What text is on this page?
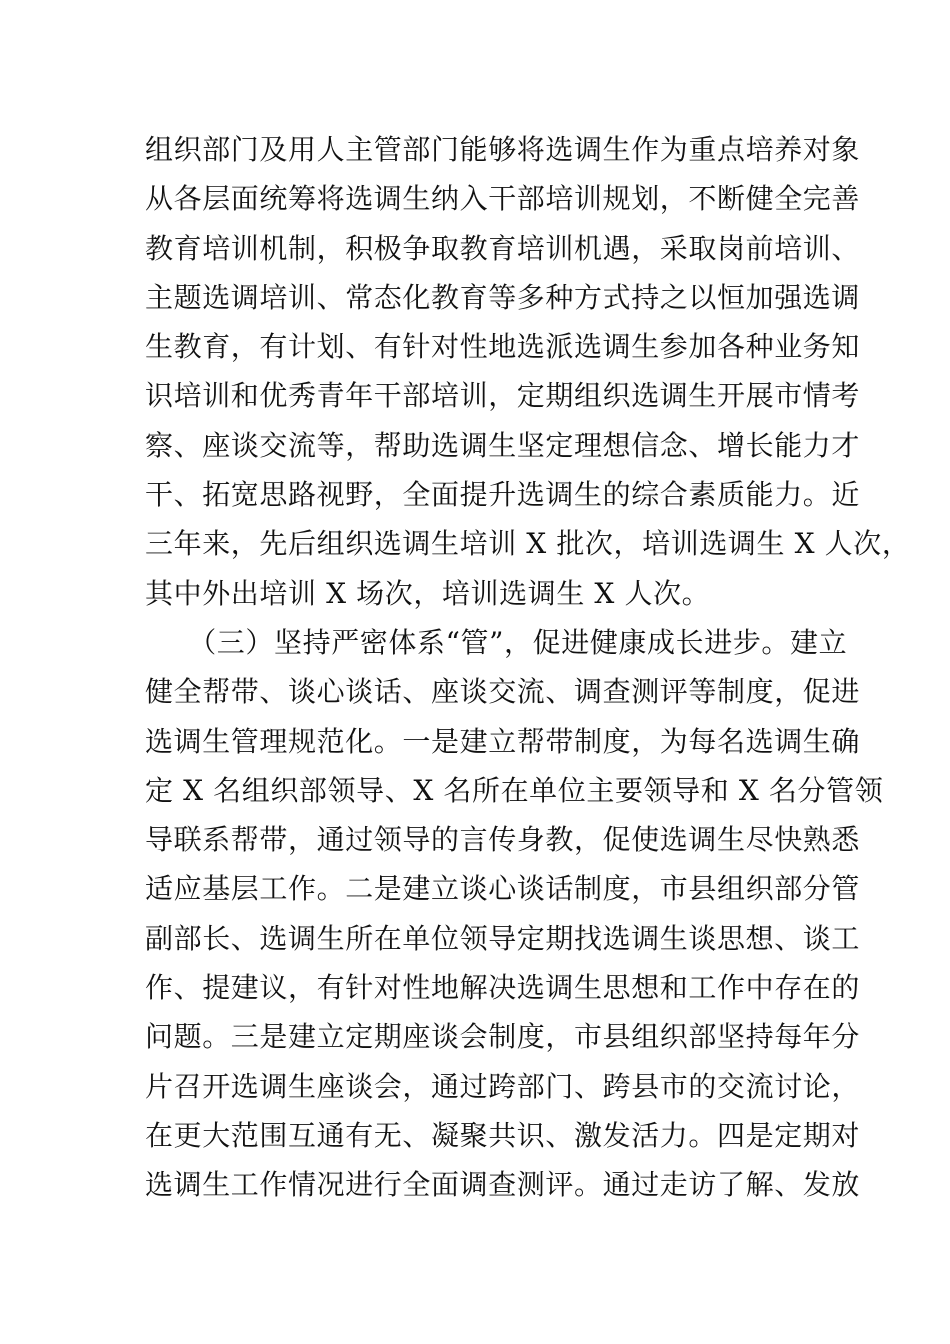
组织部门及用人主管部门能够将选调生作为重点培养对象
从各层面统筹将选调生纳入干部培训规划，不断健全完善
教育培训机制，积极争取教育培训机遇，采取岗前培训、
主题选调培训、常态化教育等多种方式持之以恒加强选调
生教育，有计划、有针对性地选派选调生参加各种业务知
识培训和优秀青年干部培训，定期组织选调生开展市情考
察、座谈交流等，帮助选调生坚定理想信念、增长能力才
干、拓宽思路视野，全面提升选调生的综合素质能力。近
三年来，先后组织选调生培训 X 批次，培训选调生 X 人次，
其中外出培训 X 场次，培训选调生 X 人次。
　　（三）坚持严密体系“管”，促进健康成长进步。建立
健全帮带、谈心谈话、座谈交流、调查测评等制度，促进
选调生管理规范化。一是建立帮带制度，为每名选调生确
定 X 名组织部领导、X 名所在单位主要领导和 X 名分管领
导联系帮带，通过领导的言传身教，促使选调生尽快熟悉
适应基层工作。二是建立谈心谈话制度，市县组织部分管
副部长、选调生所在单位领导定期找选调生谈思想、谈工
作、提建议，有针对性地解决选调生思想和工作中存在的
问题。三是建立定期座谈会制度，市县组织部坚持每年分
片召开选调生座谈会，通过跨部门、跨县市的交流讨论，
在更大范围互通有无、凝聚共识、激发活力。四是定期对
选调生工作情况进行全面调查测评。通过走访了解、发放
